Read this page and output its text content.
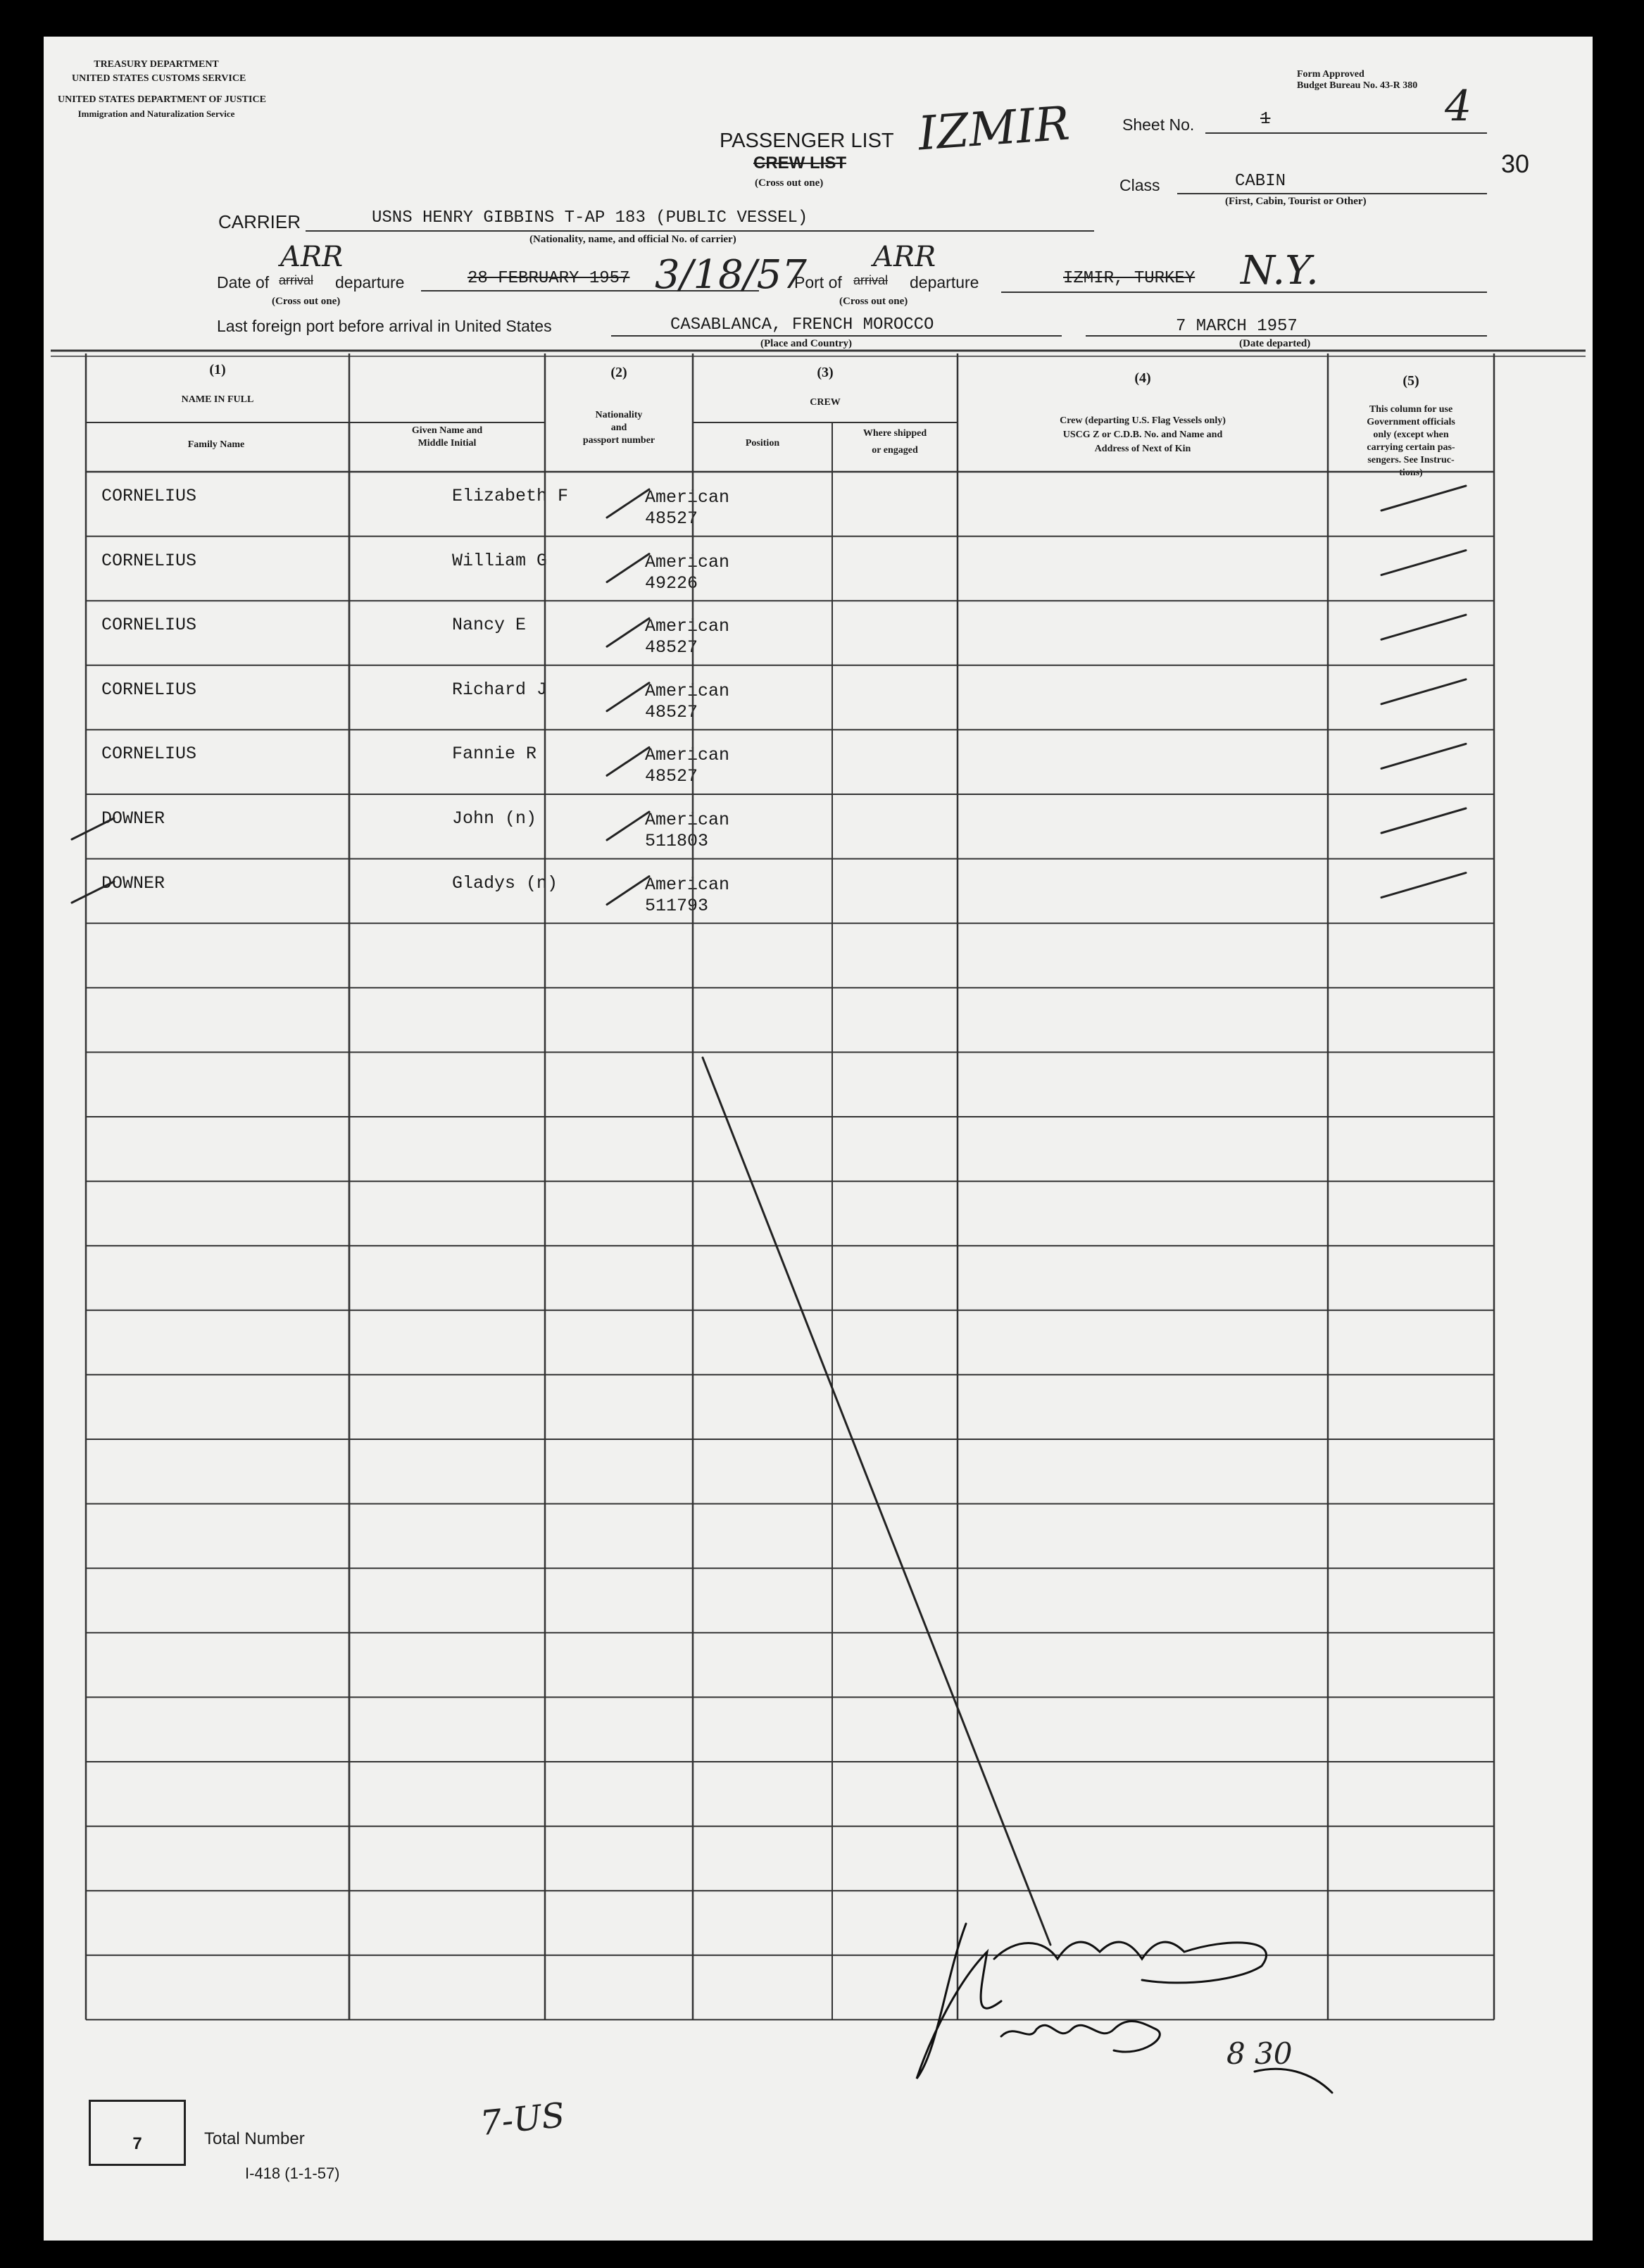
TREASURY DEPARTMENT
UNITED STATES CUSTOMS SERVICE
UNITED STATES DEPARTMENT OF JUSTICE
Immigration and Naturalization Service
Form Approved
Budget Bureau No. 43-R 380
PASSENGER LIST
CREW LIST
(Cross out one)
IZMIR	Sheet No.	1	4
30
Class	CABIN
(First, Cabin, Tourist or Other)
CARRIER	USNS HENRY GIBBINS T-AP 183 (PUBLIC VESSEL)
(Nationality, name, and official No. of carrier)
Date of arrival
ARR
departure
(Cross out one)
28 FEBRUARY 1957 3/18/57
Port of arrival
ARR
departure
(Cross out one)
IZMIR, TURKEY N.Y.
Last foreign port before arrival in United States	CASABLANCA, FRENCH MOROCCO
(Place and Country)
7 MARCH 1957
(Date departed)
(1)
NAME IN FULL
Family Name
Given Name and
Middle Initial
(2)
Nationality
and
passport number
(3)
CREW
Position
Where shipped
or engaged
(4)
Crew (departing U.S. Flag Vessels only)
USCG Z or C.D.B. No. and Name and
Address of Next of Kin
(5)
This column for use
Government officials
only (except when
carrying certain pas-
sengers. See Instruc-
tions)
CORNELIUS	Elizabeth F	American
48527
CORNELIUS	William G	American
49226
CORNELIUS	Nancy E	American
48527
CORNELIUS	Richard J	American
48527
CORNELIUS	Fannie R	American
48527
DOWNER	John (n)	American
511803
DOWNER	Gladys (n)	American
511793
7	Total Number
I-418 (1-1-57)
7-US
8 30
